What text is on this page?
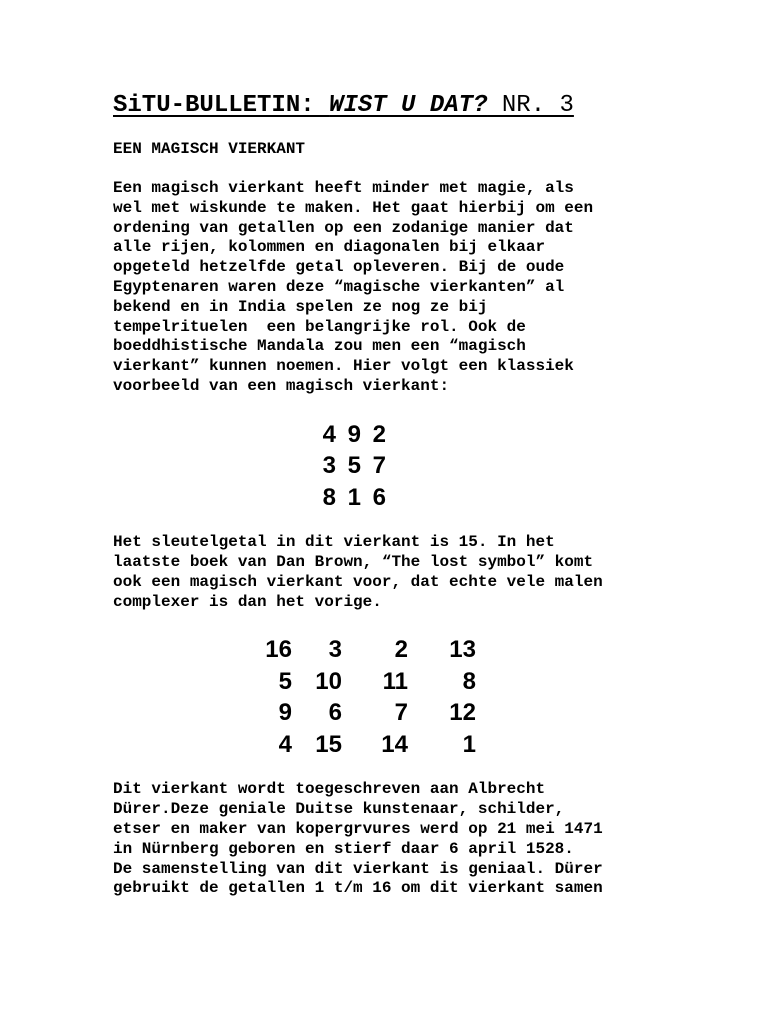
SiTU-BULLETIN: WIST U DAT? NR. 3
EEN MAGISCH VIERKANT

Een magisch vierkant heeft minder met magie, als
wel met wiskunde te maken. Het gaat hierbij om een
ordening van getallen op een zodanige manier dat
alle rijen, kolommen en diagonalen bij elkaar
opgeteld hetzelfde getal opleveren. Bij de oude
Egyptenaren waren deze “magische vierkanten” al
bekend en in India spelen ze nog ze bij
tempelrituelen  een belangrijke rol. Ook de
boeddhistische Mandala zou men een “magisch
vierkant” kunnen noemen. Hier volgt een klassiek
voorbeeld van een magisch vierkant:

4	9	2
3	5	7
8	1	6

Het sleutelgetal in dit vierkant is 15. In het
laatste boek van Dan Brown, “The lost symbol” komt
ook een magisch vierkant voor, dat echte vele malen
complexer is dan het vorige.

16	3	2	13
5	10	11	8
9	6	7	12
4	15	14	1

Dit vierkant wordt toegeschreven aan Albrecht
Dürer.Deze geniale Duitse kunstenaar, schilder,
etser en maker van kopergrvures werd op 21 mei 1471
in Nürnberg geboren en stierf daar 6 april 1528.
De samenstelling van dit vierkant is geniaal. Dürer
gebruikt de getallen 1 t/m 16 om dit vierkant samen
